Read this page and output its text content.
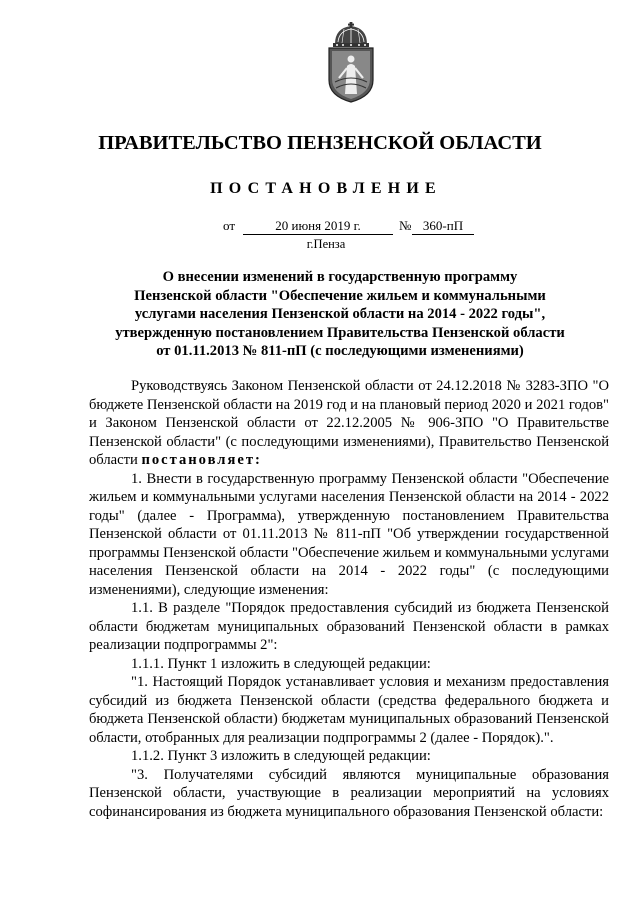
ПРАВИТЕЛЬСТВО ПЕНЗЕНСКОЙ ОБЛАСТИ
ПОСТАНОВЛЕНИЕ
от	20 июня 2019 г.	№ 360-пП
г.Пенза
О внесении изменений в государственную программу
Пензенской области "Обеспечение жильем и коммунальными
услугами населения Пензенской области на 2014 - 2022 годы",
утвержденную постановлением Правительства Пензенской области
от 01.11.2013 № 811-пП (с последующими изменениями)

Руководствуясь Законом Пензенской области от 24.12.2018 № 3283-ЗПО "О бюджете Пензенской области на 2019 год и на плановый период 2020 и 2021 годов" и Законом Пензенской области от 22.12.2005 № 906-ЗПО "О Правительстве Пензенской области" (с последующими изменениями), Правительство Пензенской области постановляет:

1. Внести в государственную программу Пензенской области "Обеспечение жильем и коммунальными услугами населения Пензенской области на 2014 - 2022 годы" (далее - Программа), утвержденную постановлением Правительства Пензенской области от 01.11.2013 № 811-пП "Об утверждении государственной программы Пензенской области "Обеспечение жильем и коммунальными услугами населения Пензенской области на 2014 - 2022 годы" (с последующими изменениями), следующие изменения:

1.1. В разделе "Порядок предоставления субсидий из бюджета Пензенской области бюджетам муниципальных образований Пензенской области в рамках реализации подпрограммы 2":

1.1.1. Пункт 1 изложить в следующей редакции:

"1. Настоящий Порядок устанавливает условия и механизм предоставления субсидий из бюджета Пензенской области (средства федерального бюджета и бюджета Пензенской области) бюджетам муниципальных образований Пензенской области, отобранных для реализации подпрограммы 2 (далее - Порядок).".

1.1.2. Пункт 3 изложить в следующей редакции:

"3. Получателями субсидий являются муниципальные образования Пензенской области, участвующие в реализации мероприятий на условиях софинансирования из бюджета муниципального образования Пензенской области:
